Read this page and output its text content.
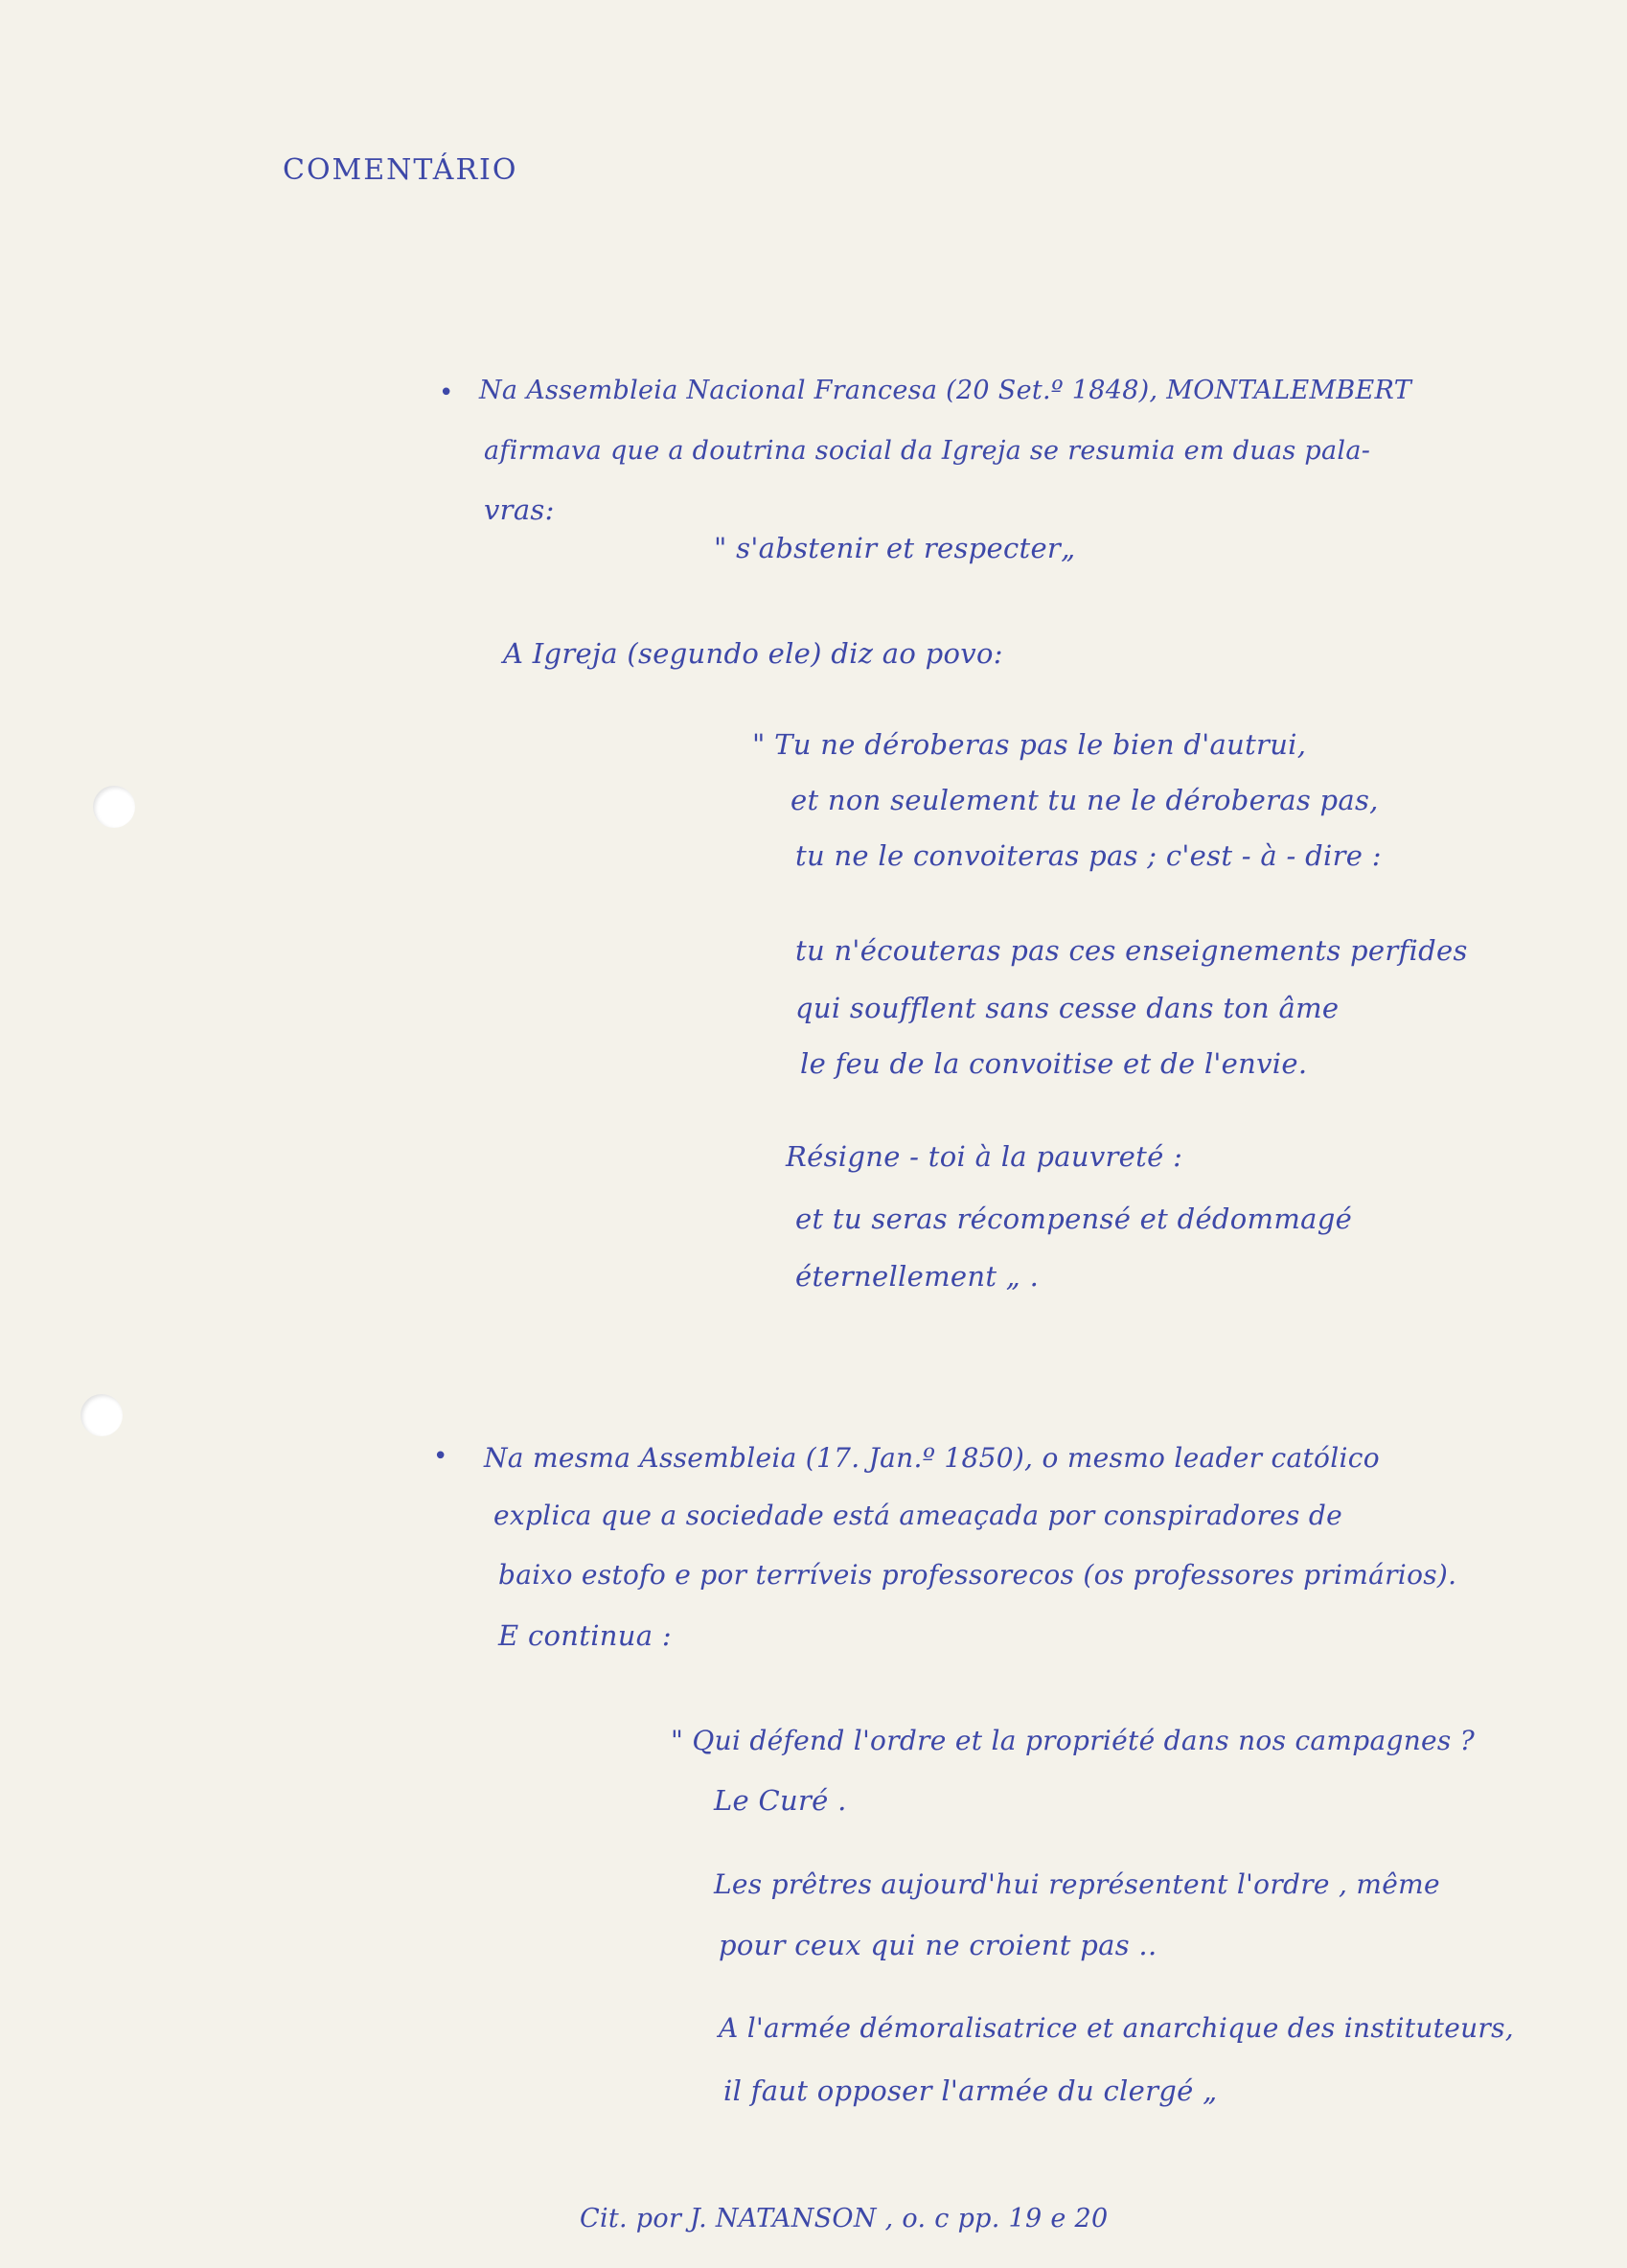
COMENTÁRIO
• Na Assembleia Nacional Francesa (20 Set.º 1848), MONTALEMBERT
afirmava que a doutrina social da Igreja se resumia em duas pala-
vras:
" s'abstenir et respecter„
A Igreja (segundo ele) diz ao povo:
" Tu ne déroberas pas le bien d'autrui,
et non seulement tu ne le déroberas pas,
tu ne le convoiteras pas ; c'est - à - dire :
tu n'écouteras pas ces enseignements perfides
qui soufflent sans cesse dans ton âme
le feu de la convoitise et de l'envie.
Résigne - toi à la pauvreté :
et tu seras récompensé et dédommagé
éternellement „ .
• Na mesma Assembleia (17. Jan.º 1850), o mesmo leader católico
explica que a sociedade está ameaçada por conspiradores de
baixo estofo e por terríveis professorecos (os professores primários).
E continua :
" Qui défend l'ordre et la propriété dans nos campagnes ?
Le Curé .
Les prêtres aujourd'hui représentent l'ordre , même
pour ceux qui ne croient pas ..
A l'armée démoralisatrice et anarchique des instituteurs,
il faut opposer l'armée du clergé „
Cit. por J. NATANSON , o. c pp. 19 e 20
